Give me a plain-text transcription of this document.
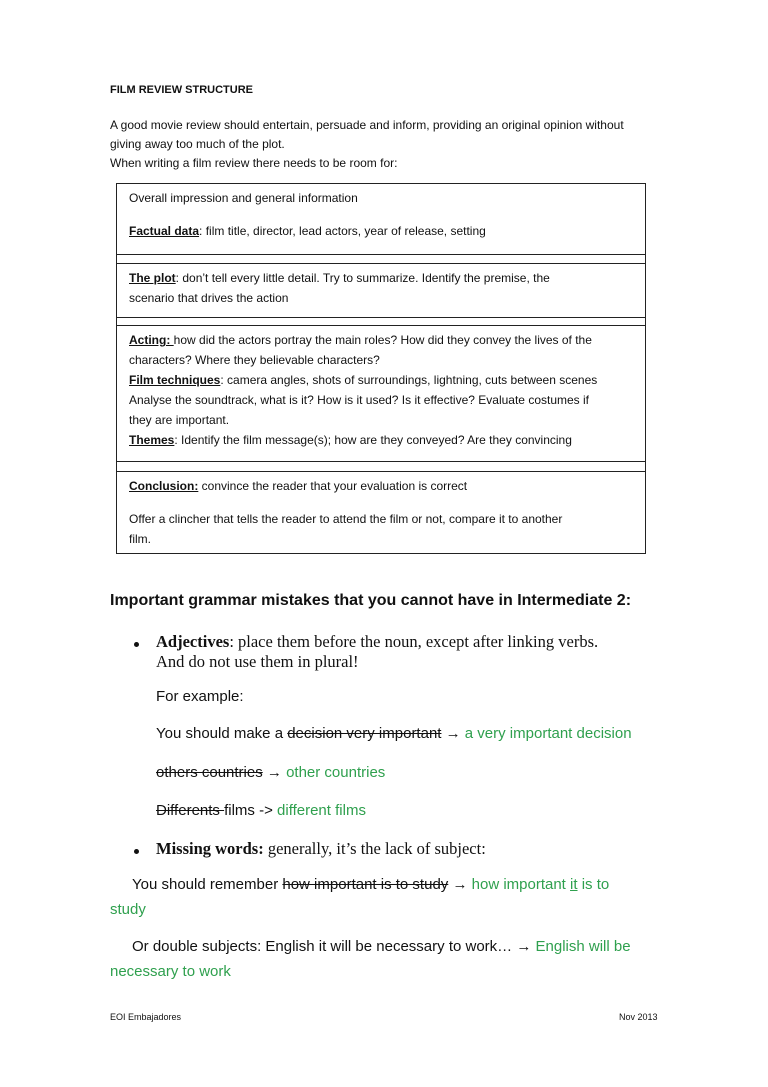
FILM REVIEW STRUCTURE
A good movie review should entertain, persuade and inform, providing an original opinion without
giving away too much of the plot.
When writing a film review there needs to be room for:
Overall impression and general information
Factual data: film title, director, lead actors, year of release, setting
The plot: don’t tell every little detail. Try to summarize. Identify the premise, the
scenario that drives the action
Acting: how did the actors portray the main roles? How did they convey the lives of the
characters? Where they believable characters?
Film techniques: camera angles, shots of surroundings, lightning, cuts between scenes
Analyse the soundtrack, what is it? How is it used? Is it effective? Evaluate costumes if
they are important.
Themes: Identify the film message(s); how are they conveyed? Are they convincing
Conclusion: convince the reader that your evaluation is correct
Offer a clincher that tells the reader to attend the film or not, compare it to another
film.
Important grammar mistakes that you cannot have in Intermediate 2:
Adjectives: place them before the noun, except after linking verbs.
And do not use them in plural!
For example:
You should make a decision very important → a very important decision
others countries → other countries
Differents films -> different films
Missing words: generally, it’s the lack of subject:
You should remember how important is to study → how important it is to
study
Or double subjects: English it will be necessary to work… → English will be
necessary to work
EOI Embajadores	Nov 2013
